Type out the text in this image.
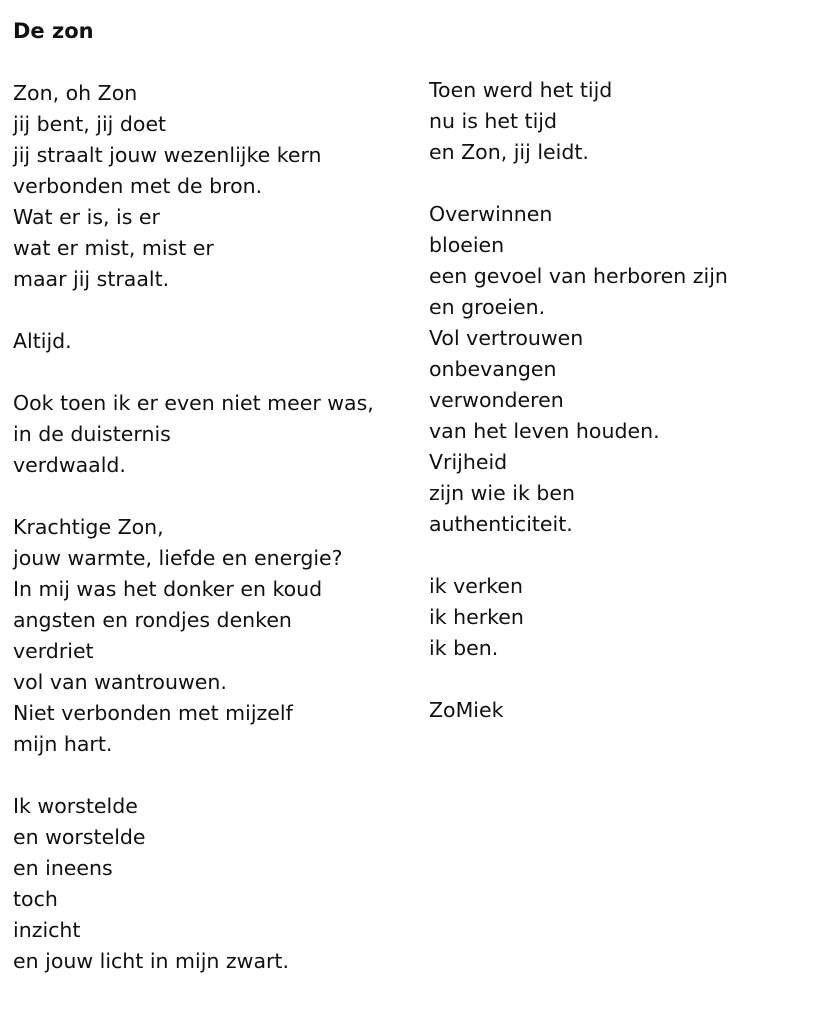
De zon
Zon, oh Zon
jij bent, jij doet
jij straalt jouw wezenlijke kern
verbonden met de bron.
Wat er is, is er
wat er mist, mist er
maar jij straalt.
Altijd.
Ook toen ik er even niet meer was,
in de duisternis
verdwaald.
Krachtige Zon,
jouw warmte, liefde en energie?
In mij was het donker en koud
angsten en rondjes denken
verdriet
vol van wantrouwen.
Niet verbonden met mijzelf
mijn hart.
Ik worstelde
en worstelde
en ineens
toch
inzicht
en jouw licht in mijn zwart.
Toen werd het tijd
nu is het tijd
en Zon, jij leidt.
Overwinnen
bloeien
een gevoel van herboren zijn
en groeien.
Vol vertrouwen
onbevangen
verwonderen
van het leven houden.
Vrijheid
zijn wie ik ben
authenticiteit.
ik verken
ik herken
ik ben.
ZoMiek
